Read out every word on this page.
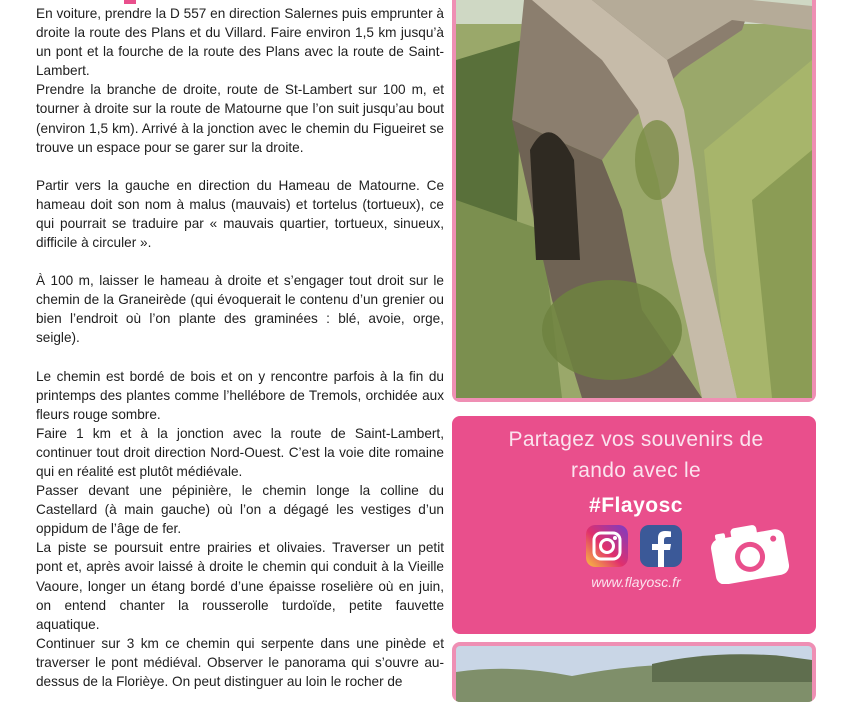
En voiture, prendre la D 557 en direction Salernes puis emprunter à droite la route des Plans et du Villard. Faire environ 1,5 km jusqu’à un pont et la fourche de la route des Plans avec la route de Saint-Lambert.

Prendre la branche de droite, route de St-Lambert sur 100 m, et tourner à droite sur la route de Matourne que l’on suit jusqu’au bout (environ 1,5 km). Arrivé à la jonction avec le chemin du Figueiret se trouve un espace pour se garer sur la droite.

Partir vers la gauche en direction du Hameau de Matourne. Ce hameau doit son nom à malus (mauvais) et tortelus (tortueux), ce qui pourrait se traduire par « mauvais quartier, tortueux, sinueux, difficile à circuler ».

À 100 m, laisser le hameau à droite et s’engager tout droit sur le chemin de la Graneirède (qui évoquerait le contenu d’un grenier ou bien l’endroit où l’on plante des graminées : blé, avoie, orge, seigle).

Le chemin est bordé de bois et on y rencontre parfois à la fin du printemps des plantes comme l’hellébore de Tremols, orchidée aux fleurs rouge sombre.

Faire 1 km et à la jonction avec la route de Saint-Lambert, continuer tout droit direction Nord-Ouest. C’est la voie dite romaine qui en réalité est plutôt médiévale.

Passer devant une pépinière, le chemin longe la colline du Castellard (à main gauche) où l’on a dégagé les vestiges d’un oppidum de l’âge de fer.

La piste se poursuit entre prairies et olivaies. Traverser un petit pont et, après avoir laissé à droite le chemin qui conduit à la Vieille Vaoure, longer un étang bordé d’une épaisse roselière où en juin, on entend chanter la rousserolle turdoïde, petite fauvette aquatique.

Continuer sur 3 km ce chemin qui serpente dans une pinède et traverser le pont médiéval. Observer le panorama qui s’ouvre au-dessus de la Florièye. On peut distinguer au loin le rocher de

Partagez vos souvenirs de
rando avec le
#Flayosc
www.flayosc.fr
